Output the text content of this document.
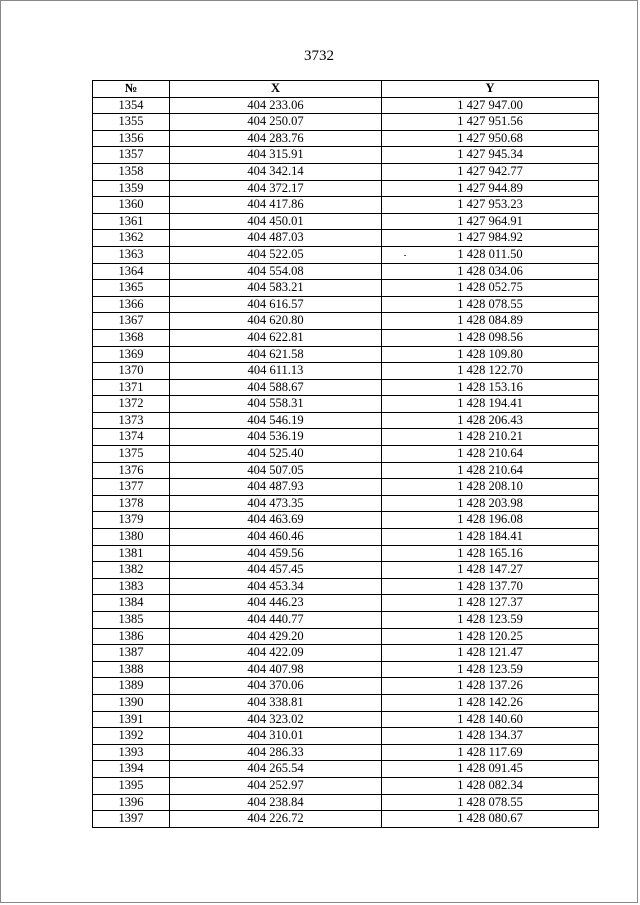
3732
№	X	Y
1354	404 233.06	1 427 947.00
1355	404 250.07	1 427 951.56
1356	404 283.76	1 427 950.68
1357	404 315.91	1 427 945.34
1358	404 342.14	1 427 942.77
1359	404 372.17	1 427 944.89
1360	404 417.86	1 427 953.23
1361	404 450.01	1 427 964.91
1362	404 487.03	1 427 984.92
1363	404 522.05	1 428 011.50
1364	404 554.08	1 428 034.06
1365	404 583.21	1 428 052.75
1366	404 616.57	1 428 078.55
1367	404 620.80	1 428 084.89
1368	404 622.81	1 428 098.56
1369	404 621.58	1 428 109.80
1370	404 611.13	1 428 122.70
1371	404 588.67	1 428 153.16
1372	404 558.31	1 428 194.41
1373	404 546.19	1 428 206.43
1374	404 536.19	1 428 210.21
1375	404 525.40	1 428 210.64
1376	404 507.05	1 428 210.64
1377	404 487.93	1 428 208.10
1378	404 473.35	1 428 203.98
1379	404 463.69	1 428 196.08
1380	404 460.46	1 428 184.41
1381	404 459.56	1 428 165.16
1382	404 457.45	1 428 147.27
1383	404 453.34	1 428 137.70
1384	404 446.23	1 428 127.37
1385	404 440.77	1 428 123.59
1386	404 429.20	1 428 120.25
1387	404 422.09	1 428 121.47
1388	404 407.98	1 428 123.59
1389	404 370.06	1 428 137.26
1390	404 338.81	1 428 142.26
1391	404 323.02	1 428 140.60
1392	404 310.01	1 428 134.37
1393	404 286.33	1 428 117.69
1394	404 265.54	1 428 091.45
1395	404 252.97	1 428 082.34
1396	404 238.84	1 428 078.55
1397	404 226.72	1 428 080.67
